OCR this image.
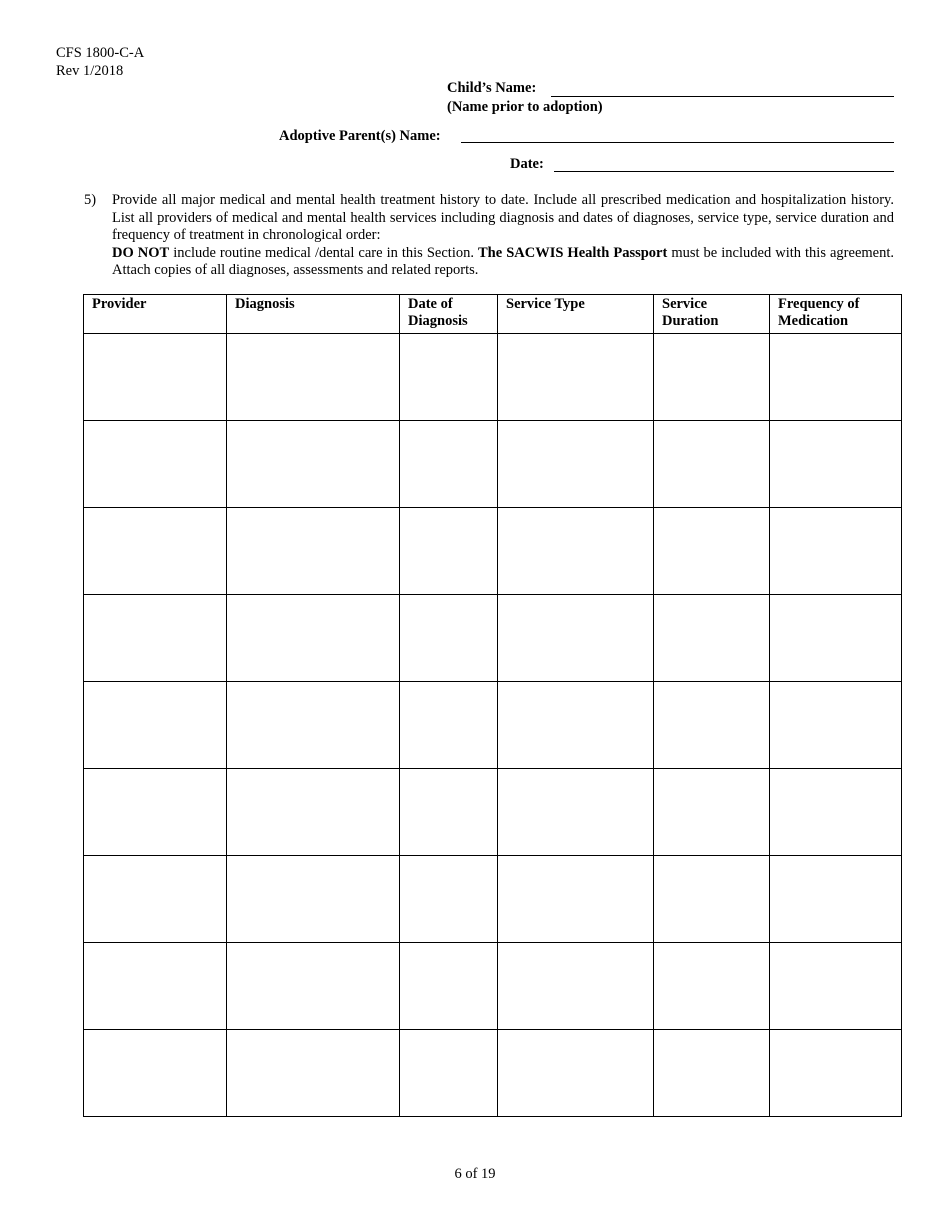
CFS 1800-C-A
Rev 1/2018
Child’s Name:
(Name prior to adoption)
Adoptive Parent(s) Name:
Date:
5) Provide all major medical and mental health treatment history to date. Include all prescribed medication and hospitalization history. List all providers of medical and mental health services including diagnosis and dates of diagnoses, service type, service duration and frequency of treatment in chronological order:

DO NOT include routine medical /dental care in this Section. The SACWIS Health Passport must be included with this agreement. Attach copies of all diagnoses, assessments and related reports.

Provider	Diagnosis	Date of Diagnosis	Service Type	Service Duration	Frequency of Medication

6 of 19
